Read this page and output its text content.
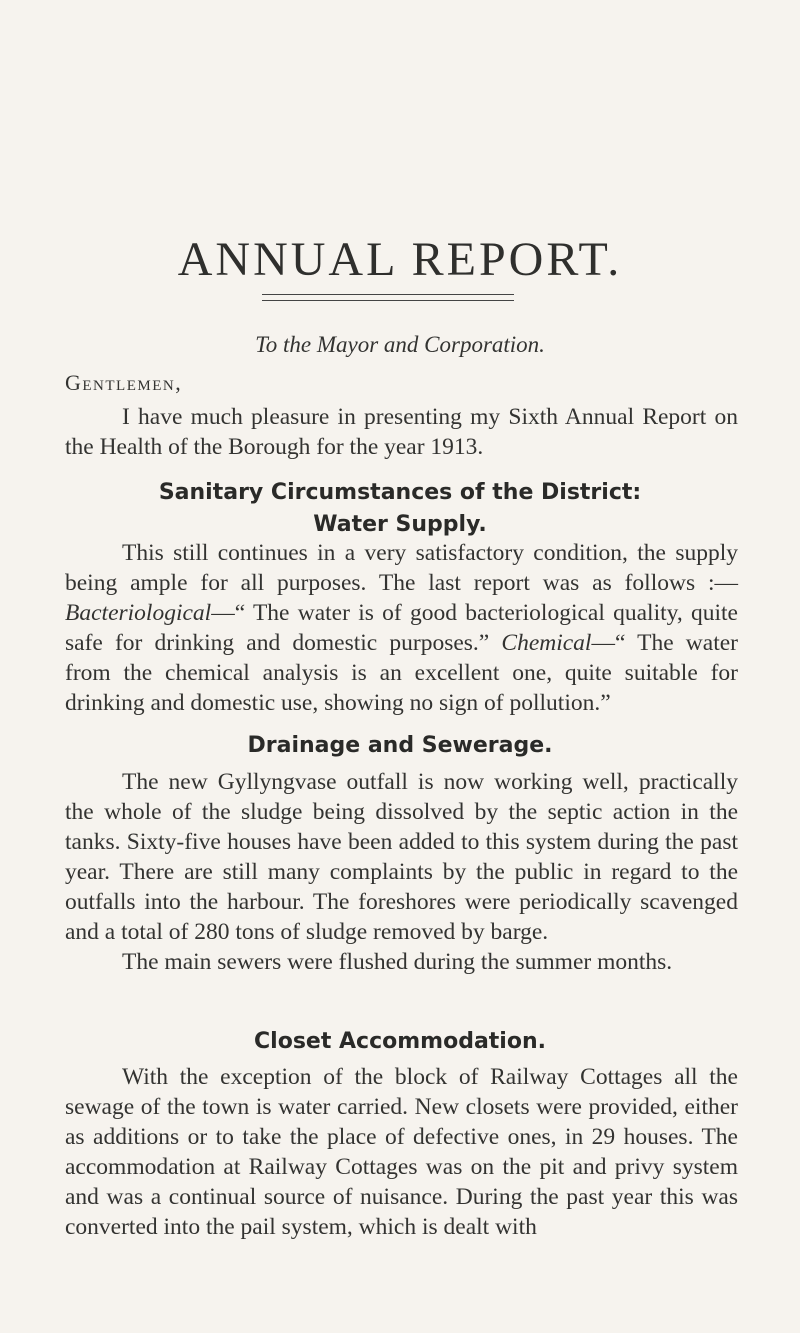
ANNUAL REPORT.
To the Mayor and Corporation.
Gentlemen,

I have much pleasure in presenting my Sixth Annual Report on the Health of the Borough for the year 1913.

Sanitary Circumstances of the District:
Water Supply.

This still continues in a very satisfactory condition, the supply being ample for all purposes. The last report was as follows :—Bacteriological—“ The water is of good bacteriological quality, quite safe for drinking and domestic purposes.” Chemical—“ The water from the chemical analysis is an excellent one, quite suitable for drinking and domestic use, showing no sign of pollution.”

Drainage and Sewerage.

The new Gyllyngvase outfall is now working well, practically the whole of the sludge being dissolved by the septic action in the tanks. Sixty-five houses have been added to this system during the past year. There are still many complaints by the public in regard to the outfalls into the harbour. The foreshores were periodically scavenged and a total of 280 tons of sludge removed by barge.
The main sewers were flushed during the summer months.

Closet Accommodation.

With the exception of the block of Railway Cottages all the sewage of the town is water carried. New closets were provided, either as additions or to take the place of defective ones, in 29 houses. The accommodation at Railway Cottages was on the pit and privy system and was a continual source of nuisance. During the past year this was converted into the pail system, which is dealt with
